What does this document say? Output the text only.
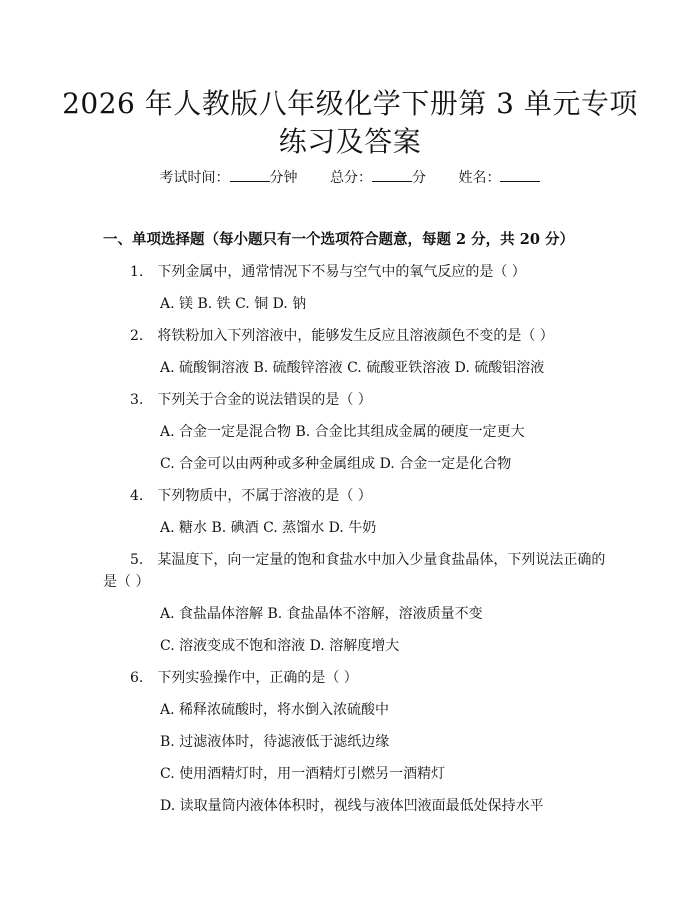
2026 年人教版八年级化学下册第 3 单元专项
练习及答案
考试时间：	分钟 总分：	分 姓名：
一、单项选择题（每小题只有一个选项符合题意，每题 2 分，共 20 分）
1.　下列金属中，通常情况下不易与空气中的氧气反应的是（ ）
A. 镁 B. 铁 C. 铜 D. 钠
2.　将铁粉加入下列溶液中，能够发生反应且溶液颜色不变的是（ ）
A. 硫酸铜溶液 B. 硫酸锌溶液 C. 硫酸亚铁溶液 D. 硫酸铝溶液
3.　下列关于合金的说法错误的是（ ）
A. 合金一定是混合物 B. 合金比其组成金属的硬度一定更大
C. 合金可以由两种或多种金属组成 D. 合金一定是化合物
4.　下列物质中，不属于溶液的是（ ）
A. 糖水 B. 碘酒 C. 蒸馏水 D. 牛奶
5.　某温度下，向一定量的饱和食盐水中加入少量食盐晶体，下列说法正确的
是（ ）
A. 食盐晶体溶解 B. 食盐晶体不溶解，溶液质量不变
C. 溶液变成不饱和溶液 D. 溶解度增大
6.　下列实验操作中，正确的是（ ）
A. 稀释浓硫酸时，将水倒入浓硫酸中
B. 过滤液体时，待滤液低于滤纸边缘
C. 使用酒精灯时，用一酒精灯引燃另一酒精灯
D. 读取量筒内液体体积时，视线与液体凹液面最低处保持水平
